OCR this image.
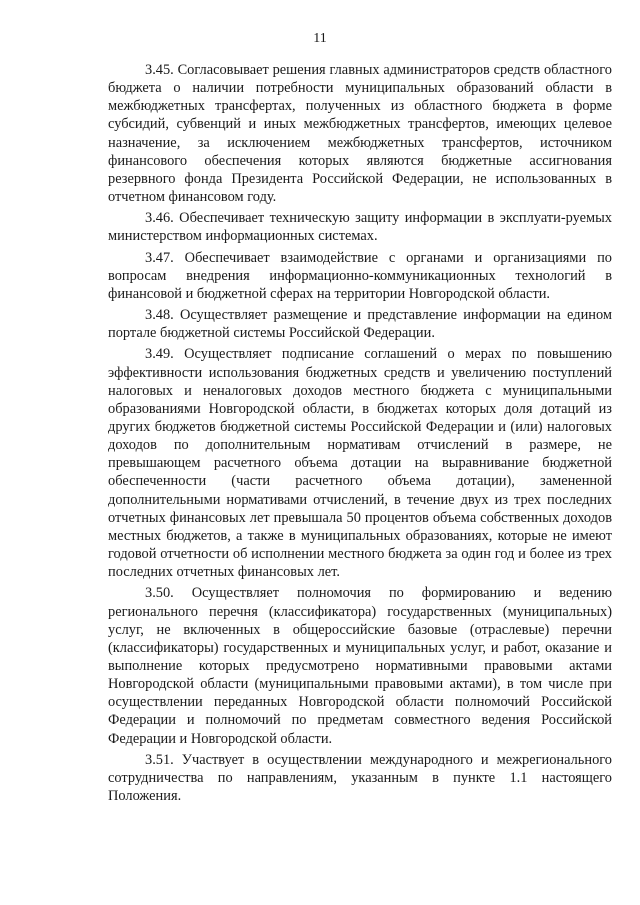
11

3.45. Согласовывает решения главных администраторов средств областного бюджета о наличии потребности муниципальных образований области в межбюджетных трансфертах, полученных из областного бюджета в форме субсидий, субвенций и иных межбюджетных трансфертов, имеющих целевое назначение, за исключением межбюджетных трансфертов, источником финансового обеспечения которых являются бюджетные ассигнования резервного фонда Президента Российской Федерации, не использованных в отчетном финансовом году.

3.46. Обеспечивает техническую защиту информации в эксплуати-руемых министерством информационных системах.

3.47. Обеспечивает взаимодействие с органами и организациями по вопросам внедрения информационно-коммуникационных технологий в финансовой и бюджетной сферах на территории Новгородской области.

3.48. Осуществляет размещение и представление информации на едином портале бюджетной системы Российской Федерации.

3.49. Осуществляет подписание соглашений о мерах по повышению эффективности использования бюджетных средств и увеличению поступлений налоговых и неналоговых доходов местного бюджета с муниципальными образованиями Новгородской области, в бюджетах которых доля дотаций из других бюджетов бюджетной системы Российской Федерации и (или) налоговых доходов по дополнительным нормативам отчислений в размере, не превышающем расчетного объема дотации на выравнивание бюджетной обеспеченности (части расчетного объема дотации), замененной дополнительными нормативами отчислений, в течение двух из трех последних отчетных финансовых лет превышала 50 процентов объема собственных доходов местных бюджетов, а также в муниципальных образованиях, которые не имеют годовой отчетности об исполнении местного бюджета за один год и более из трех последних отчетных финансовых лет.

3.50. Осуществляет полномочия по формированию и ведению регионального перечня (классификатора) государственных (муниципальных) услуг, не включенных в общероссийские базовые (отраслевые) перечни (классификаторы) государственных и муниципальных услуг, и работ, оказание и выполнение которых предусмотрено нормативными правовыми актами Новгородской области (муниципальными правовыми актами), в том числе при осуществлении переданных Новгородской области полномочий Российской Федерации и полномочий по предметам совместного ведения Российской Федерации и Новгородской области.

3.51. Участвует в осуществлении международного и межрегионального сотрудничества по направлениям, указанным в пункте 1.1 настоящего Положения.
